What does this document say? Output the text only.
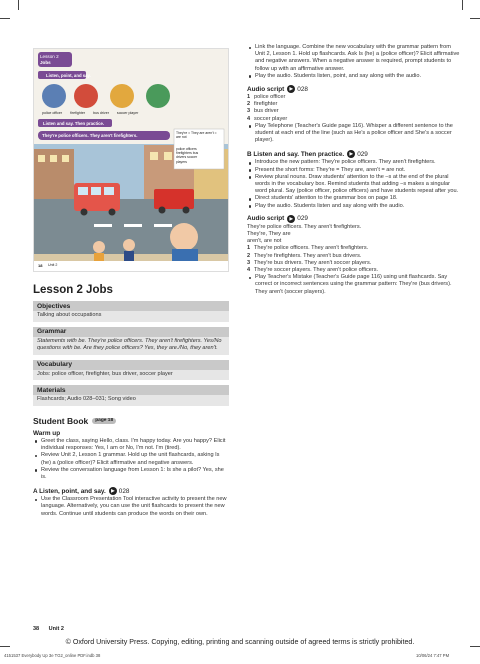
Lesson 2
Jobs
Listen, point, and say.
police officer firefighter bus driver soccer player
Listen and say. Then practice.
They're police officers. They aren't firefighters.	They're = They are aren't = are not
police officers firefighters bus drivers soccer players
18 Unit 2
Lesson 2 Jobs
Objectives
Talking about occupations
Grammar
Statements with be. They're police officers. They aren't firefighters. Yes/No questions with be. Are they police officers? Yes, they are./No, they aren't.
Vocabulary
Jobs: police officer, firefighter, bus driver, soccer player
Materials
Flashcards; Audio 028–031; Song video
Student Book	page 18
Warm up
Greet the class, saying Hello, class. I'm happy today. Are you happy? Elicit individual responses: Yes, I am or No, I'm not. I'm (tired).
Review Unit 2, Lesson 1 grammar. Hold up the unit flashcards, asking Is (he) a (police officer)? Elicit affirmative and negative answers.
Review the conversation language from Lesson 1: Is she a pilot? Yes, she is.
A Listen, point, and say.	▶ 028
Use the Classroom Presentation Tool interactive activity to present the new language. Alternatively, you can use the unit flashcards to present the new words. Continue until students can produce the words on their own.
Link the language. Combine the new vocabulary with the grammar pattern from Unit 2, Lesson 1. Hold up flashcards. Ask Is (he) a (police officer)? Elicit affirmative and negative answers. When a negative answer is required, prompt students to follow up with an affirmative answer.
Play the audio. Students listen, point, and say along with the audio.
Audio script	▶ 028
1 police officer
2 firefighter
3 bus driver
4 soccer player
Play Telephone (Teacher's Guide page 116). Whisper a different sentence to the student at each end of the line (such as He's a police officer and She's a soccer player).
B Listen and say. Then practice.	▶ 029
Introduce the new pattern: They're police officers. They aren't firefighters.
Present the short forms: They're = They are, aren't = are not.
Review plural nouns. Draw students' attention to the –s at the end of the plural words in the vocabulary box. Remind students that adding –s makes a singular word plural. Say (police officer, police officers) and have students repeat after you.
Direct students' attention to the grammar box on page 18.
Play the audio. Students listen and say along with the audio.
Audio script	▶ 029
They're police officers. They aren't firefighters.
They're, They are
aren't, are not
1 They're police officers. They aren't firefighters.
2 They're firefighters. They aren't bus drivers.
3 They're bus drivers. They aren't soccer players.
4 They're soccer players. They aren't police officers.
Play Teacher's Mistake (Teacher's Guide page 116) using unit flashcards. Say correct or incorrect sentences using the grammar pattern: They're (bus drivers). They aren't (soccer players).
38 Unit 2
© Oxford University Press. Copying, editing, printing and scanning outside of agreed terms is strictly prohibited.
4151537 Everybody Up 3e TG2_online PDF.indb 38	10/06/24 7:47 PM
